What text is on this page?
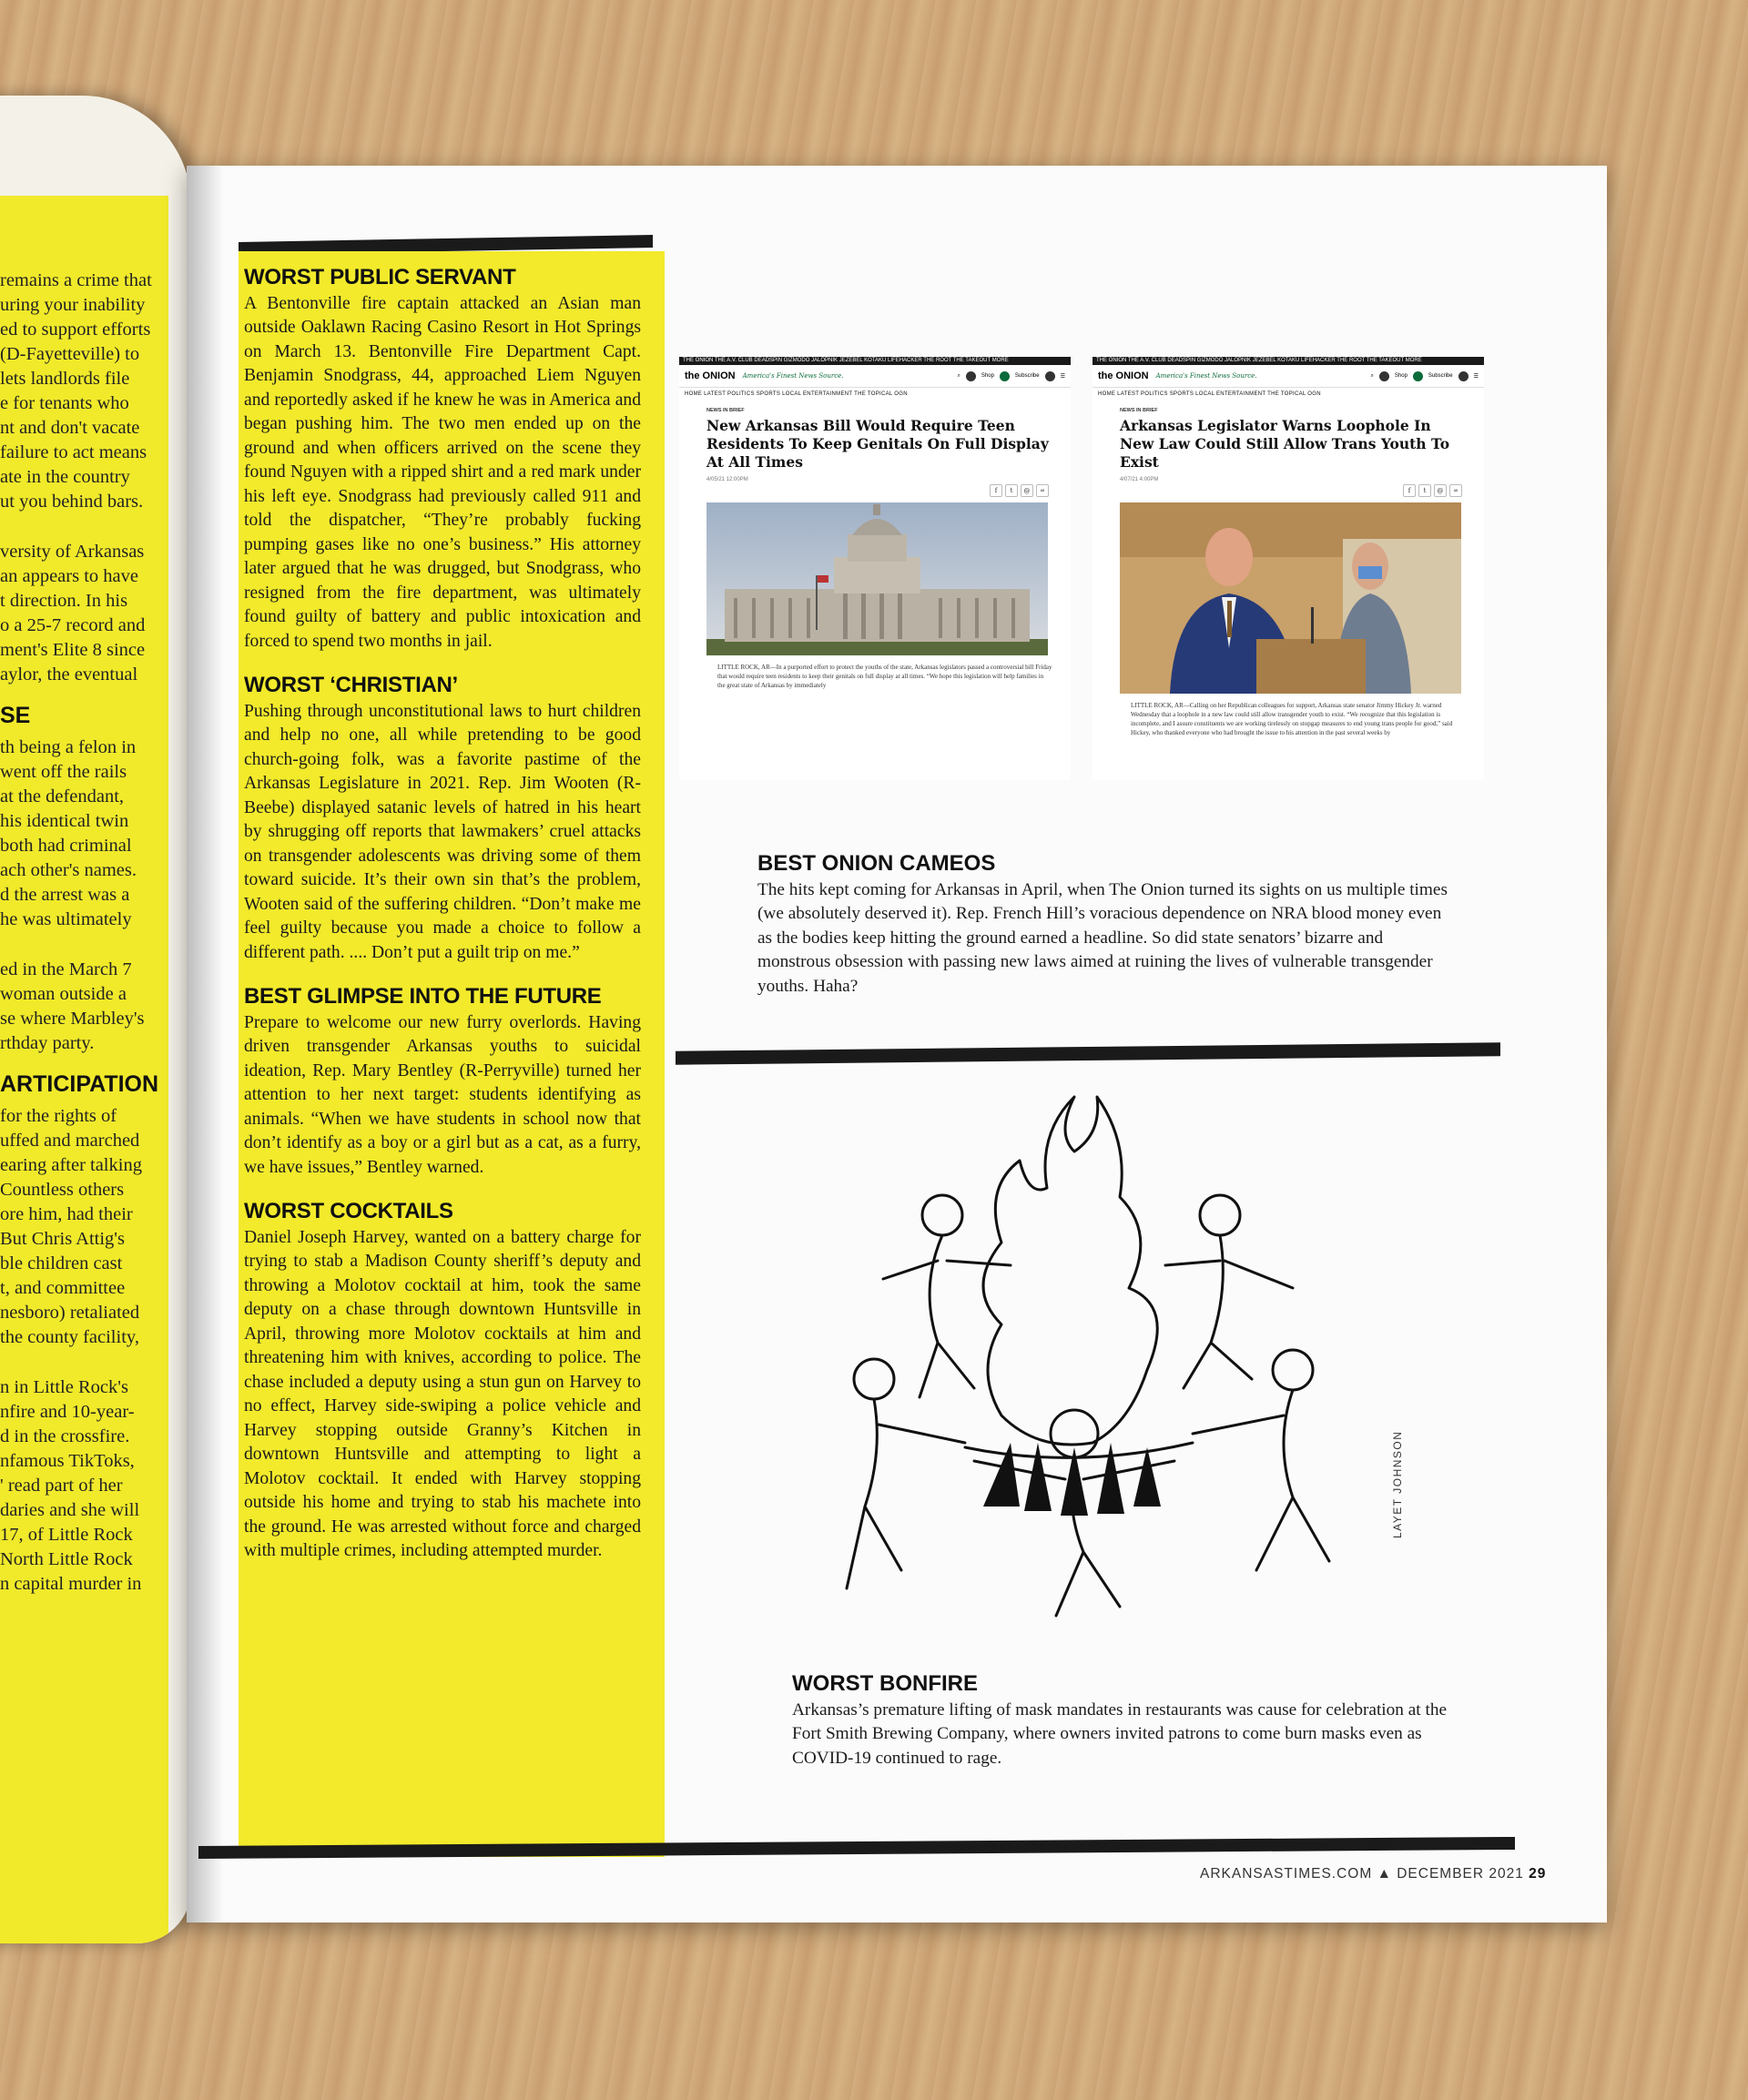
remains a crime that
uring your inability
ed to support efforts
(D-Fayetteville) to
lets landlords file
e for tenants who
nt and don't vacate
failure to act means
ate in the country
ut you behind bars.
versity of Arkansas
an appears to have
t direction. In his
o a 25-7 record and
ment's Elite 8 since
aylor, the eventual
SE
th being a felon in
went off the rails
at the defendant,
his identical twin
both had criminal
ach other's names.
d the arrest was a
he was ultimately
ed in the March 7
woman outside a
se where Marbley's
rthday party.
ARTICIPATION
for the rights of
uffed and marched
earing after talking
Countless others
ore him, had their
But Chris Attig's
ble children cast
t, and committee
nesboro) retaliated
the county facility,
n in Little Rock's
nfire and 10-year-
d in the crossfire.
nfamous TikToks,
' read part of her
daries and she will
17, of Little Rock
North Little Rock
n capital murder in
WORST PUBLIC SERVANT

A Bentonville fire captain attacked an Asian man outside Oaklawn Racing Casino Resort in Hot Springs on March 13. Bentonville Fire Department Capt. Benjamin Snodgrass, 44, approached Liem Nguyen and reportedly asked if he knew he was in America and began pushing him. The two men ended up on the ground and when officers arrived on the scene they found Nguyen with a ripped shirt and a red mark under his left eye. Snodgrass had previously called 911 and told the dispatcher, “They’re probably fucking pumping gases like no one’s business.” His attorney later argued that he was drugged, but Snodgrass, who resigned from the fire department, was ultimately found guilty of battery and public intoxication and forced to spend two months in jail.

WORST ‘CHRISTIAN’

Pushing through unconstitutional laws to hurt children and help no one, all while pretending to be good church-going folk, was a favorite pastime of the Arkansas Legislature in 2021. Rep. Jim Wooten (R-Beebe) displayed satanic levels of hatred in his heart by shrugging off reports that lawmakers’ cruel attacks on transgender adolescents was driving some of them toward suicide. It’s their own sin that’s the problem, Wooten said of the suffering children. “Don’t make me feel guilty because you made a choice to follow a different path. .... Don’t put a guilt trip on me.”

BEST GLIMPSE INTO THE FUTURE

Prepare to welcome our new furry overlords. Having driven transgender Arkansas youths to suicidal ideation, Rep. Mary Bentley (R-Perryville) turned her attention to her next target: students identifying as animals. “When we have students in school now that don’t identify as a boy or a girl but as a cat, as a furry, we have issues,” Bentley warned.

WORST COCKTAILS

Daniel Joseph Harvey, wanted on a battery charge for trying to stab a Madison County sheriff’s deputy and throwing a Molotov cocktail at him, took the same deputy on a chase through downtown Huntsville in April, throwing more Molotov cocktails at him and threatening him with knives, according to police. The chase included a deputy using a stun gun on Harvey to no effect, Harvey side-swiping a police vehicle and Harvey stopping outside Granny’s Kitchen in downtown Huntsville and attempting to light a Molotov cocktail. It ended with Harvey stopping outside his home and trying to stab his machete into the ground. He was arrested without force and charged with multiple crimes, including attempted murder.

THE ONION THE A.V. CLUB DEADSPIN GIZMODO JALOPNIK JEZEBEL KOTAKU LIFEHACKER THE ROOT THE TAKEOUT MORE
the ONION America's Finest News Source.	⌕	Shop	Subscribe	☰
HOME LATEST POLITICS SPORTS LOCAL ENTERTAINMENT THE TOPICAL OGN
NEWS IN BRIEF
New Arkansas Bill Would Require Teen Residents To Keep Genitals On Full Display At All Times
4/05/21 12:00PM
f	t	@	∞
LITTLE ROCK, AR—In a purported effort to protect the youths of the state, Arkansas legislators passed a controversial bill Friday that would require teen residents to keep their genitals on full display at all times. “We hope this legislation will help families in the great state of Arkansas by immediately
THE ONION THE A.V. CLUB DEADSPIN GIZMODO JALOPNIK JEZEBEL KOTAKU LIFEHACKER THE ROOT THE TAKEOUT MORE
the ONION America's Finest News Source.	⌕	Shop	Subscribe	☰
HOME LATEST POLITICS SPORTS LOCAL ENTERTAINMENT THE TOPICAL OGN
NEWS IN BRIEF
Arkansas Legislator Warns Loophole In New Law Could Still Allow Trans Youth To Exist
4/07/21 4:00PM
f	t	@	∞
LITTLE ROCK, AR—Calling on her Republican colleagues for support, Arkansas state senator Jimmy Hickey Jr. warned Wednesday that a loophole in a new law could still allow transgender youth to exist. “We recognize that this legislation is incomplete, and I assure constituents we are working tirelessly on stopgap measures to end young trans people for good,” said Hickey, who thanked everyone who had brought the issue to his attention in the past several weeks by
BEST ONION CAMEOS
The hits kept coming for Arkansas in April, when The Onion turned its sights on us multiple times (we absolutely deserved it). Rep. French Hill’s voracious dependence on NRA blood money even as the bodies keep hitting the ground earned a headline. So did state senators’ bizarre and monstrous obsession with passing new laws aimed at ruining the lives of vulnerable transgender youths. Haha?
LAYET JOHNSON
WORST BONFIRE
Arkansas’s premature lifting of mask mandates in restaurants was cause for celebration at the Fort Smith Brewing Company, where owners invited patrons to come burn masks even as COVID-19 continued to rage.
ARKANSASTIMES.COM ▲ DECEMBER 2021 29
